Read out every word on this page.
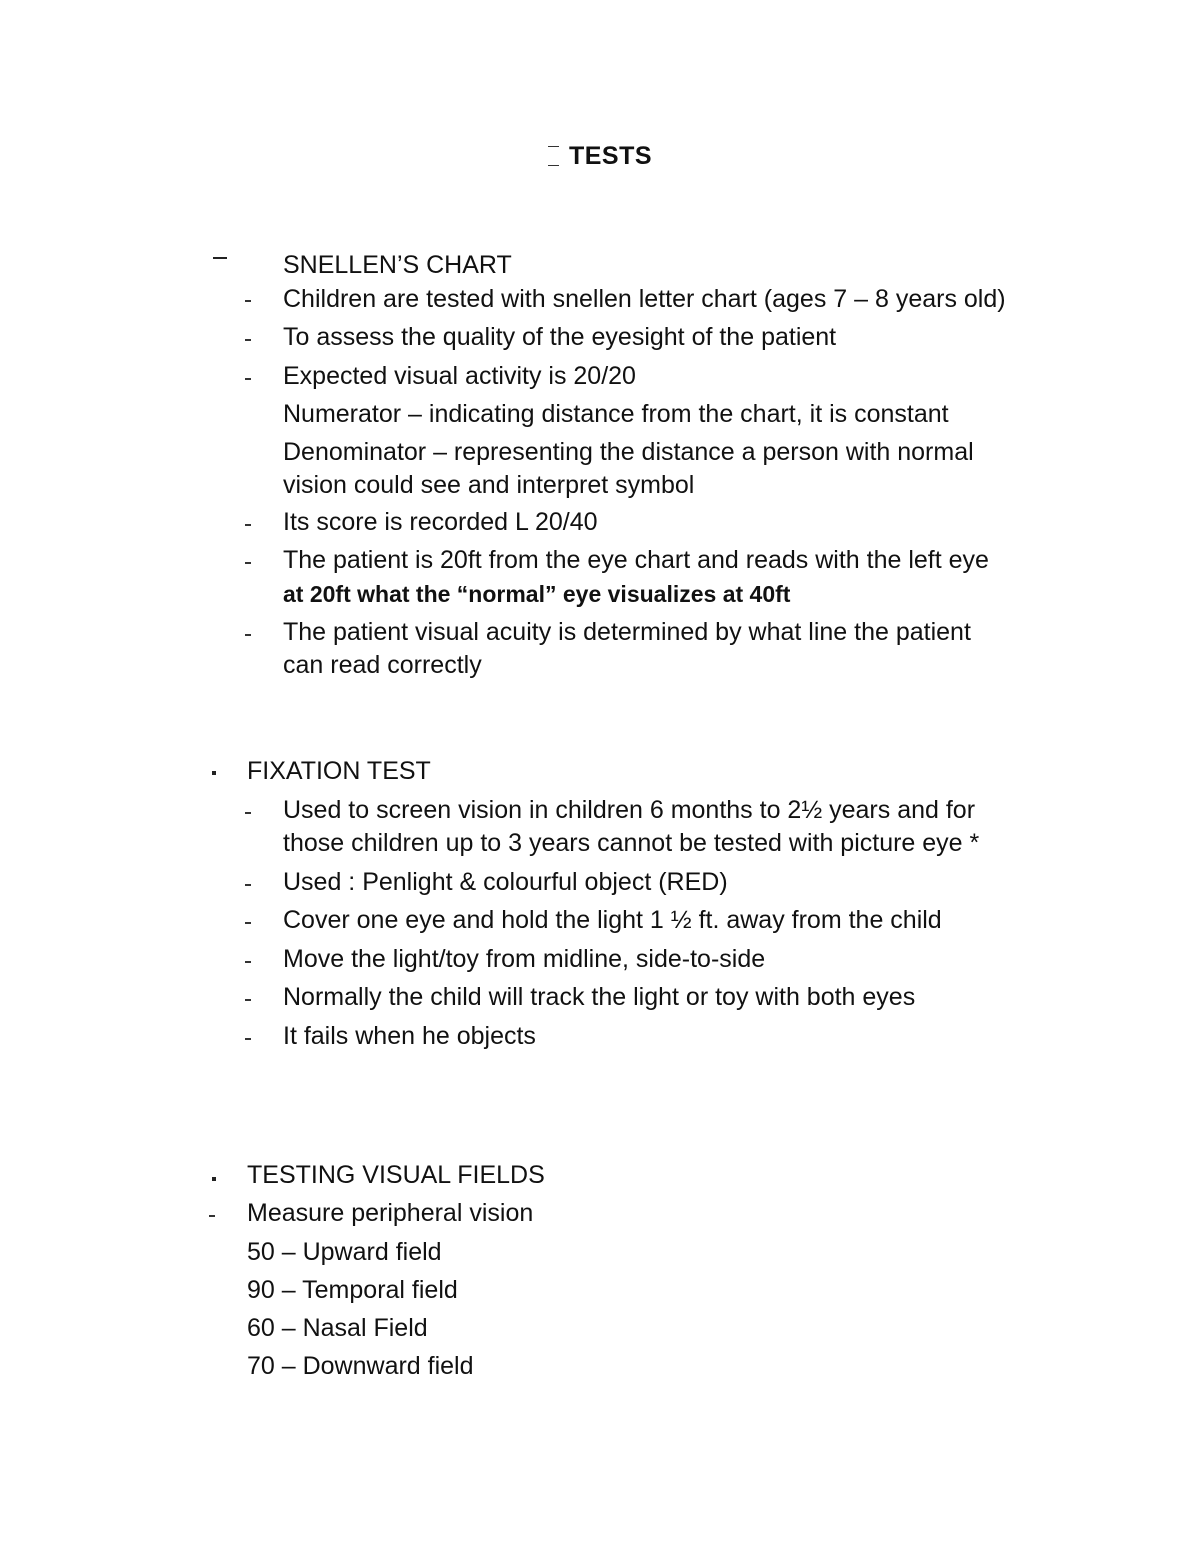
TESTS
SNELLEN’S CHART
Children are tested with snellen letter chart (ages 7 – 8 years old)
To assess the quality of the eyesight of the patient
Expected visual activity is 20/20
Numerator – indicating distance from the chart, it is constant
Denominator – representing the distance a person with normal
vision could see and interpret symbol
Its score is recorded L 20/40
The patient is 20ft from the eye chart and reads with the left eye
at 20ft what the “normal” eye visualizes at 40ft
The patient visual acuity is determined by what line the patient
can read correctly
FIXATION TEST
Used to screen vision in children 6 months to 2½ years and for
those children up to 3 years cannot be tested with picture eye *
Used : Penlight & colourful object (RED)
Cover one eye and hold the light 1 ½ ft. away from the child
Move the light/toy from midline, side-to-side
Normally the child will track the light or toy with both eyes
It fails when he objects
TESTING VISUAL FIELDS
Measure peripheral vision
50 – Upward field
90 – Temporal field
60 – Nasal Field
70 – Downward field
